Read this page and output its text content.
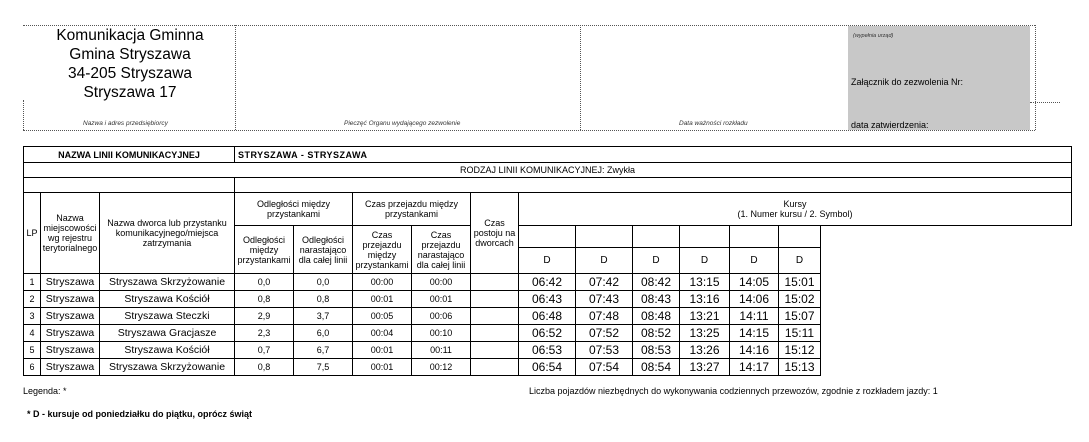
Komunikacja Gminna
Gmina Stryszawa
34-205 Stryszawa
Stryszawa 17
Nazwa i adres przedsiębiorcy	Pieczęć Organu wydającego zezwolenie	Data ważności rozkładu
(wypełnia urząd)
Załącznik do zezwolenia Nr:
data zatwierdzenia:
NAZWA LINII KOMUNIKACYJNEJ			STRYSZAWA - STRYSZAWA											
RODZAJ LINII KOMUNIKACYJNEJ: Zwykła														

LP	Nazwa miejscowości wg rejestru terytorialnego	Nazwa dworca lub przystanku komunikacyjnego/miejsca zatrzymania	Odległości między przystankami		Czas przejazdu między przystankami		Czas postoju na dworcach	Kursy
(1. Numer kursu / 2. Symbol)						

			Odległości między przystankami	Odległości narastająco dla całej linii	Czas przejazdu między przystankami	Czas przejazdu narastająco dla całej linii								
								D	D	D	D	D	D	
1	Stryszawa	Stryszawa Skrzyżowanie	0,0	0,0	00:00	00:00		06:42	07:42	08:42	13:15	14:05	15:01	
2	Stryszawa	Stryszawa Kościół	0,8	0,8	00:01	00:01		06:43	07:43	08:43	13:16	14:06	15:02	
3	Stryszawa	Stryszawa Steczki	2,9	3,7	00:05	00:06		06:48	07:48	08:48	13:21	14:11	15:07	
4	Stryszawa	Stryszawa Gracjasze	2,3	6,0	00:04	00:10		06:52	07:52	08:52	13:25	14:15	15:11	
5	Stryszawa	Stryszawa Kościół	0,7	6,7	00:01	00:11		06:53	07:53	08:53	13:26	14:16	15:12	
6	Stryszawa	Stryszawa Skrzyżowanie	0,8	7,5	00:01	00:12		06:54	07:54	08:54	13:27	14:17	15:13	
Legenda: *	Liczba pojazdów niezbędnych do wykonywania codziennych przewozów, zgodnie z rozkładem jazdy: 1
* D - kursuje od poniedziałku do piątku, oprócz świąt
